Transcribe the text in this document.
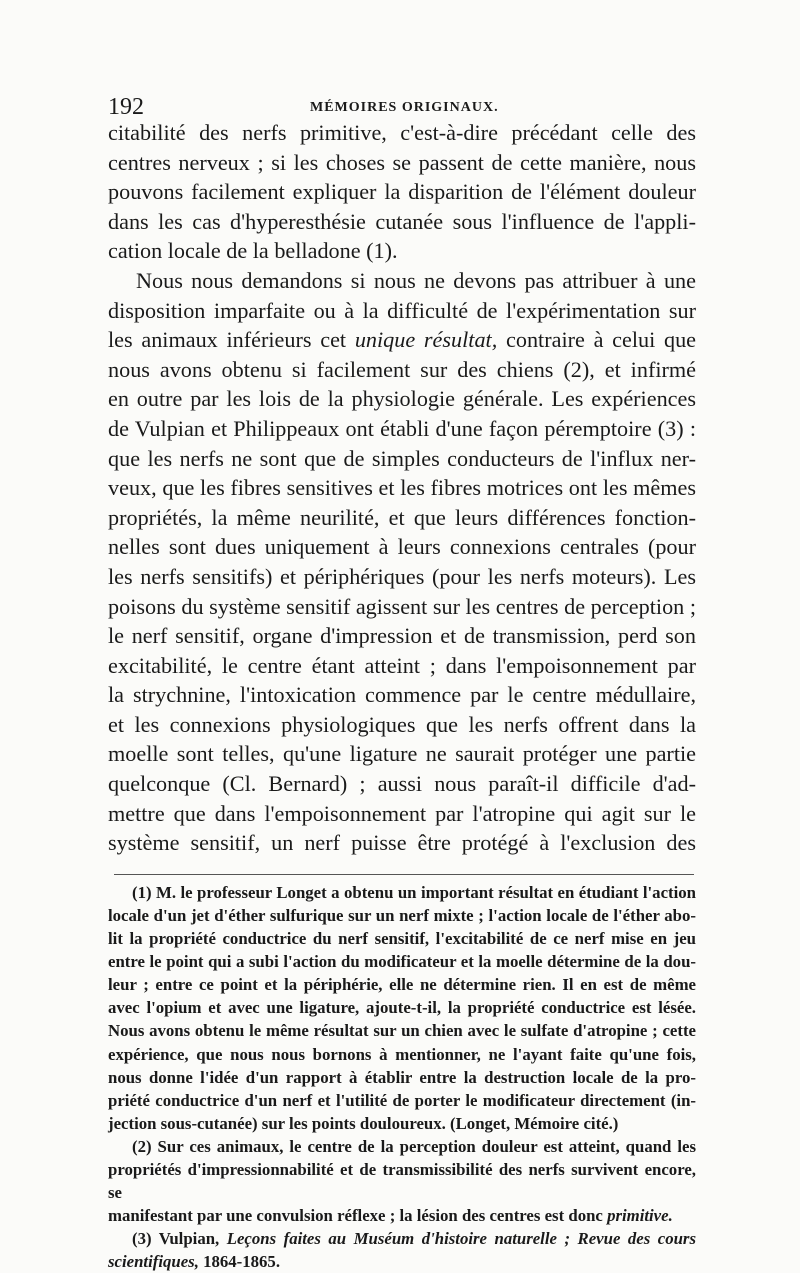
192	MÉMOIRES ORIGINAUX.

citabilité des nerfs primitive, c'est-à-dire précédant celle des

centres nerveux ; si les choses se passent de cette manière, nous

pouvons facilement expliquer la disparition de l'élément douleur

dans les cas d'hyperesthésie cutanée sous l'influence de l'appli-

cation locale de la belladone (1).

Nous nous demandons si nous ne devons pas attribuer à une

disposition imparfaite ou à la difficulté de l'expérimentation sur

les animaux inférieurs cet unique résultat, contraire à celui que

nous avons obtenu si facilement sur des chiens (2), et infirmé

en outre par les lois de la physiologie générale. Les expériences

de Vulpian et Philippeaux ont établi d'une façon péremptoire (3) :

que les nerfs ne sont que de simples conducteurs de l'influx ner-

veux, que les fibres sensitives et les fibres motrices ont les mêmes

propriétés, la même neurilité, et que leurs différences fonction-

nelles sont dues uniquement à leurs connexions centrales (pour

les nerfs sensitifs) et périphériques (pour les nerfs moteurs). Les

poisons du système sensitif agissent sur les centres de perception ;

le nerf sensitif, organe d'impression et de transmission, perd son

excitabilité, le centre étant atteint ; dans l'empoisonnement par

la strychnine, l'intoxication commence par le centre médullaire,

et les connexions physiologiques que les nerfs offrent dans la

moelle sont telles, qu'une ligature ne saurait protéger une partie

quelconque (Cl. Bernard) ; aussi nous paraît-il difficile d'ad-

mettre que dans l'empoisonnement par l'atropine qui agit sur le

système sensitif, un nerf puisse être protégé à l'exclusion des

(1) M. le professeur Longet a obtenu un important résultat en étudiant l'action

locale d'un jet d'éther sulfurique sur un nerf mixte ; l'action locale de l'éther abo-

lit la propriété conductrice du nerf sensitif, l'excitabilité de ce nerf mise en jeu

entre le point qui a subi l'action du modificateur et la moelle détermine de la dou-

leur ; entre ce point et la périphérie, elle ne détermine rien. Il en est de même

avec l'opium et avec une ligature, ajoute-t-il, la propriété conductrice est lésée.

Nous avons obtenu le même résultat sur un chien avec le sulfate d'atropine ; cette

expérience, que nous nous bornons à mentionner, ne l'ayant faite qu'une fois,

nous donne l'idée d'un rapport à établir entre la destruction locale de la pro-

priété conductrice d'un nerf et l'utilité de porter le modificateur directement (in-

jection sous-cutanée) sur les points douloureux. (Longet, Mémoire cité.)

(2) Sur ces animaux, le centre de la perception douleur est atteint, quand les

propriétés d'impressionnabilité et de transmissibilité des nerfs survivent encore, se

manifestant par une convulsion réflexe ; la lésion des centres est donc primitive.

(3) Vulpian, Leçons faites au Muséum d'histoire naturelle ; Revue des cours

scientifiques, 1864-1865.
